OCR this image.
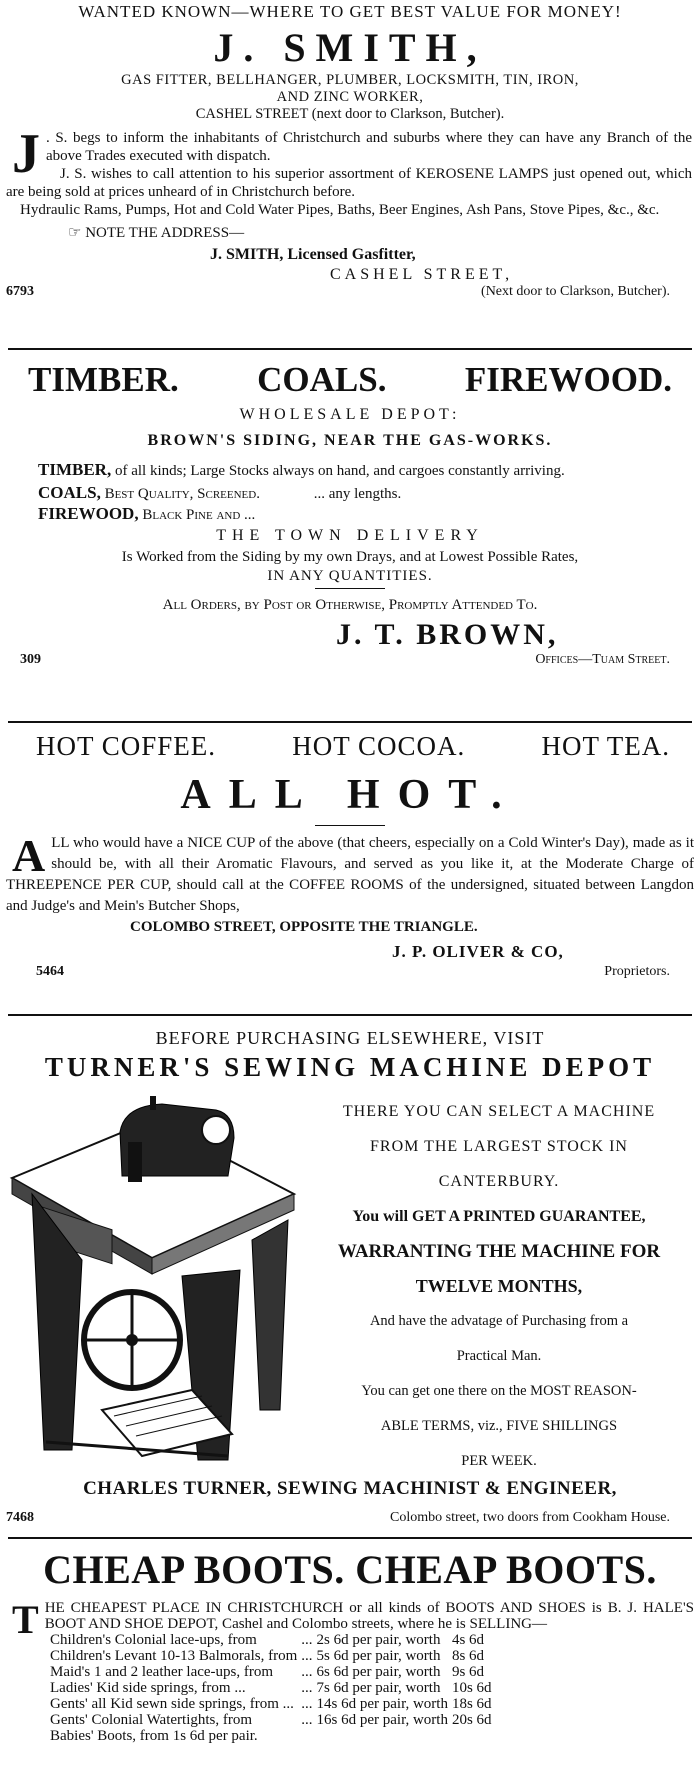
WANTED KNOWN—WHERE TO GET BEST VALUE FOR MONEY!
J. SMITH,
GAS FITTER, BELLHANGER, PLUMBER, LOCKSMITH, TIN, IRON,
AND ZINC WORKER,
CASHEL STREET (next door to Clarkson, Butcher).
J . S. begs to inform the inhabitants of Christchurch and suburbs where they can have any Branch of the above Trades executed with dispatch.
J. S. wishes to call attention to his superior assortment of KEROSENE LAMPS just opened out, which are being sold at prices unheard of in Christchurch before.
Hydraulic Rams, Pumps, Hot and Cold Water Pipes, Baths, Beer Engines, Ash Pans, Stove Pipes, &c., &c.
☞ NOTE THE ADDRESS—
J. SMITH, Licensed Gasfitter,
CASHEL STREET,
6793	(Next door to Clarkson, Butcher).
TIMBER. COALS. FIREWOOD.
WHOLESALE DEPOT:
BROWN'S SIDING, NEAR THE GAS-WORKS.
TIMBER, of all kinds; Large Stocks always on hand, and cargoes constantly arriving.
COALS, Best Quality, Screened.	... any lengths.
FIREWOOD, Black Pine and ...
THE TOWN DELIVERY
Is Worked from the Siding by my own Drays, and at Lowest Possible Rates,
IN ANY QUANTITIES.
All Orders, by Post or Otherwise, Promptly Attended To.
J. T. BROWN,
309	Offices—Tuam Street.
HOT COFFEE.	HOT COCOA.	HOT TEA.
ALL HOT.
A LL who would have a NICE CUP of the above (that cheers, especially on a Cold Winter's Day), made as it should be, with all their Aromatic Flavours, and served as you like it, at the Moderate Charge of THREEPENCE PER CUP, should call at the COFFEE ROOMS of the undersigned, situated between Langdon and Judge's and Mein's Butcher Shops,
COLOMBO STREET, OPPOSITE THE TRIANGLE.
J. P. OLIVER & CO,
5464	Proprietors.
BEFORE PURCHASING ELSEWHERE, VISIT
TURNER'S SEWING MACHINE DEPOT
THERE YOU CAN SELECT A MACHINE
FROM THE LARGEST STOCK IN
CANTERBURY.
You will GET A PRINTED GUARANTEE,
WARRANTING THE MACHINE FOR
TWELVE MONTHS,
And have the advatage of Purchasing from a
Practical Man.
You can get one there on the MOST REASON-
ABLE TERMS, viz., FIVE SHILLINGS
PER WEEK.
CHARLES TURNER, SEWING MACHINIST & ENGINEER,
7468	Colombo street, two doors from Cookham House.
CHEAP BOOTS. CHEAP BOOTS.
T HE CHEAPEST PLACE IN CHRISTCHURCH or all kinds of BOOTS AND SHOES is B. J. HALE'S BOOT AND SHOE DEPOT, Cashel and Colombo streets, where he is SELLING—
Children's Colonial lace-ups, from	...	2s 6d per pair, worth	4s 6d
Children's Levant 10-13 Balmorals, from	...	5s 6d per pair, worth	8s 6d
Maid's 1 and 2 leather lace-ups, from	...	6s 6d per pair, worth	9s 6d
Ladies' Kid side springs, from ...	...	7s 6d per pair, worth	10s 6d
Gents' all Kid sewn side springs, from ...	...	14s 6d per pair, worth	18s 6d
Gents' Colonial Watertights, from	...	16s 6d per pair, worth	20s 6d
Babies' Boots, from 1s 6d per pair.
